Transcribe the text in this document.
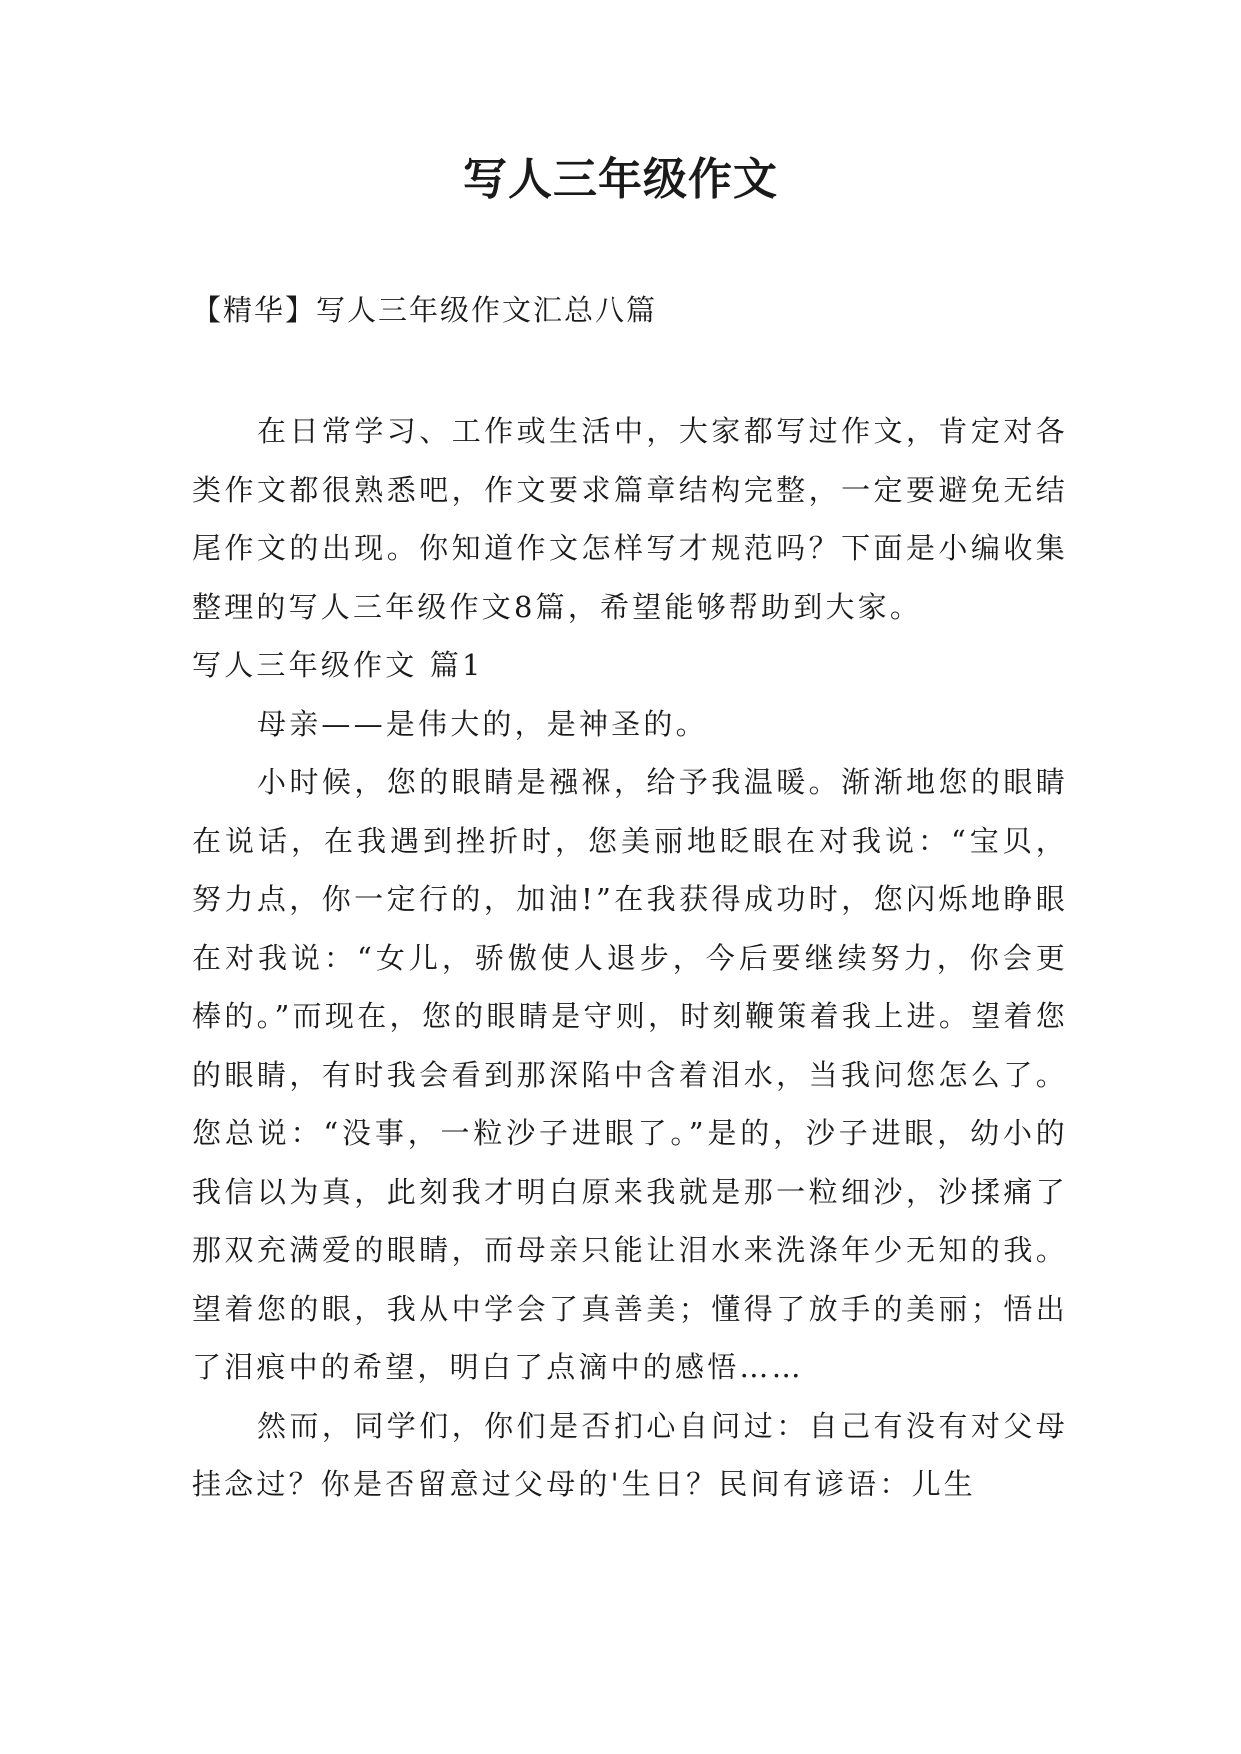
写人三年级作文
【精华】写人三年级作文汇总八篇

在日常学习、工作或生活中，大家都写过作文，肯定对各类作文都很熟悉吧，作文要求篇章结构完整，一定要避免无结尾作文的出现。你知道作文怎样写才规范吗？下面是小编收集整理的写人三年级作文8篇，希望能够帮助到大家。

写人三年级作文 篇1

母亲——是伟大的，是神圣的。

小时候，您的眼睛是襁褓，给予我温暖。渐渐地您的眼睛在说话，在我遇到挫折时，您美丽地眨眼在对我说：“宝贝，努力点，你一定行的，加油!”在我获得成功时，您闪烁地睁眼在对我说：“女儿，骄傲使人退步，今后要继续努力，你会更棒的。”而现在，您的眼睛是守则，时刻鞭策着我上进。望着您的眼睛，有时我会看到那深陷中含着泪水，当我问您怎么了。您总说：“没事，一粒沙子进眼了。”是的，沙子进眼，幼小的我信以为真，此刻我才明白原来我就是那一粒细沙，沙揉痛了那双充满爱的眼睛，而母亲只能让泪水来洗涤年少无知的我。 望着您的眼，我从中学会了真善美；懂得了放手的美丽；悟出了泪痕中的希望，明白了点滴中的感悟……

然而，同学们，你们是否扪心自问过：自己有没有对父母挂念过？你是否留意过父母的'生日？民间有谚语：儿生
